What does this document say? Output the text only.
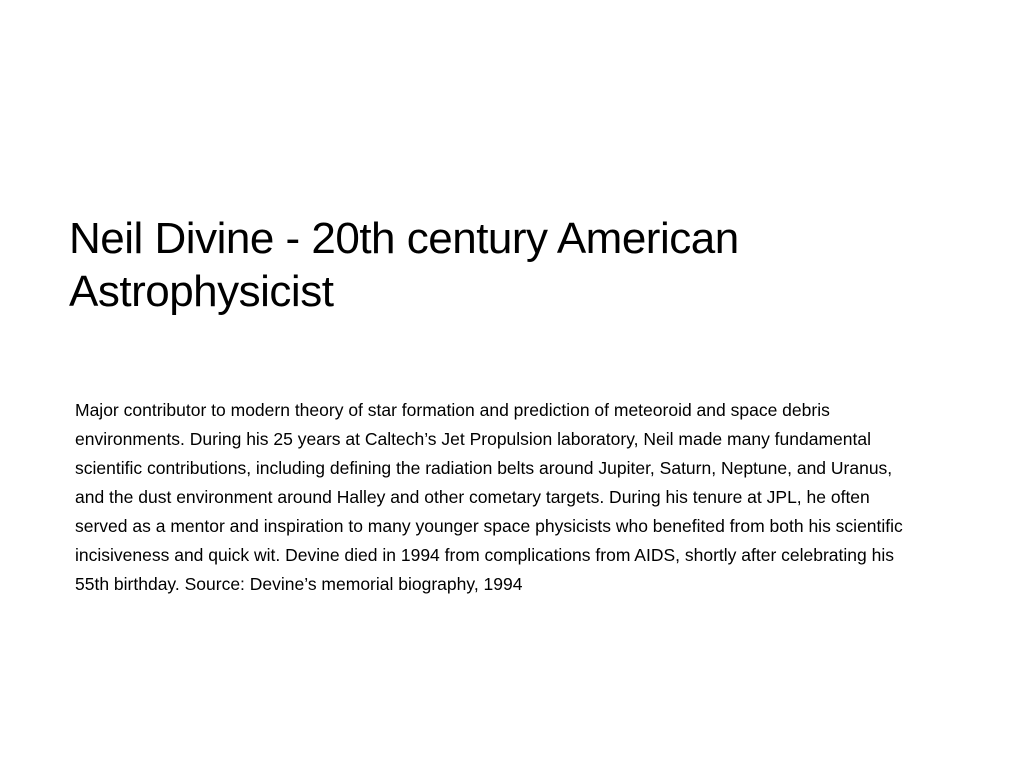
Neil Divine - 20th century American Astrophysicist

Major contributor to modern theory of star formation and prediction of meteoroid and space debris environments. During his 25 years at Caltech’s Jet Propulsion laboratory, Neil made many fundamental scientific contributions, including defining the radiation belts around Jupiter, Saturn, Neptune, and Uranus, and the dust environment around Halley and other cometary targets. During his tenure at JPL, he often served as a mentor and inspiration to many younger space physicists who benefited from both his scientific incisiveness and quick wit. Devine died in 1994 from complications from AIDS, shortly after celebrating his 55th birthday. Source: Devine’s memorial biography, 1994
